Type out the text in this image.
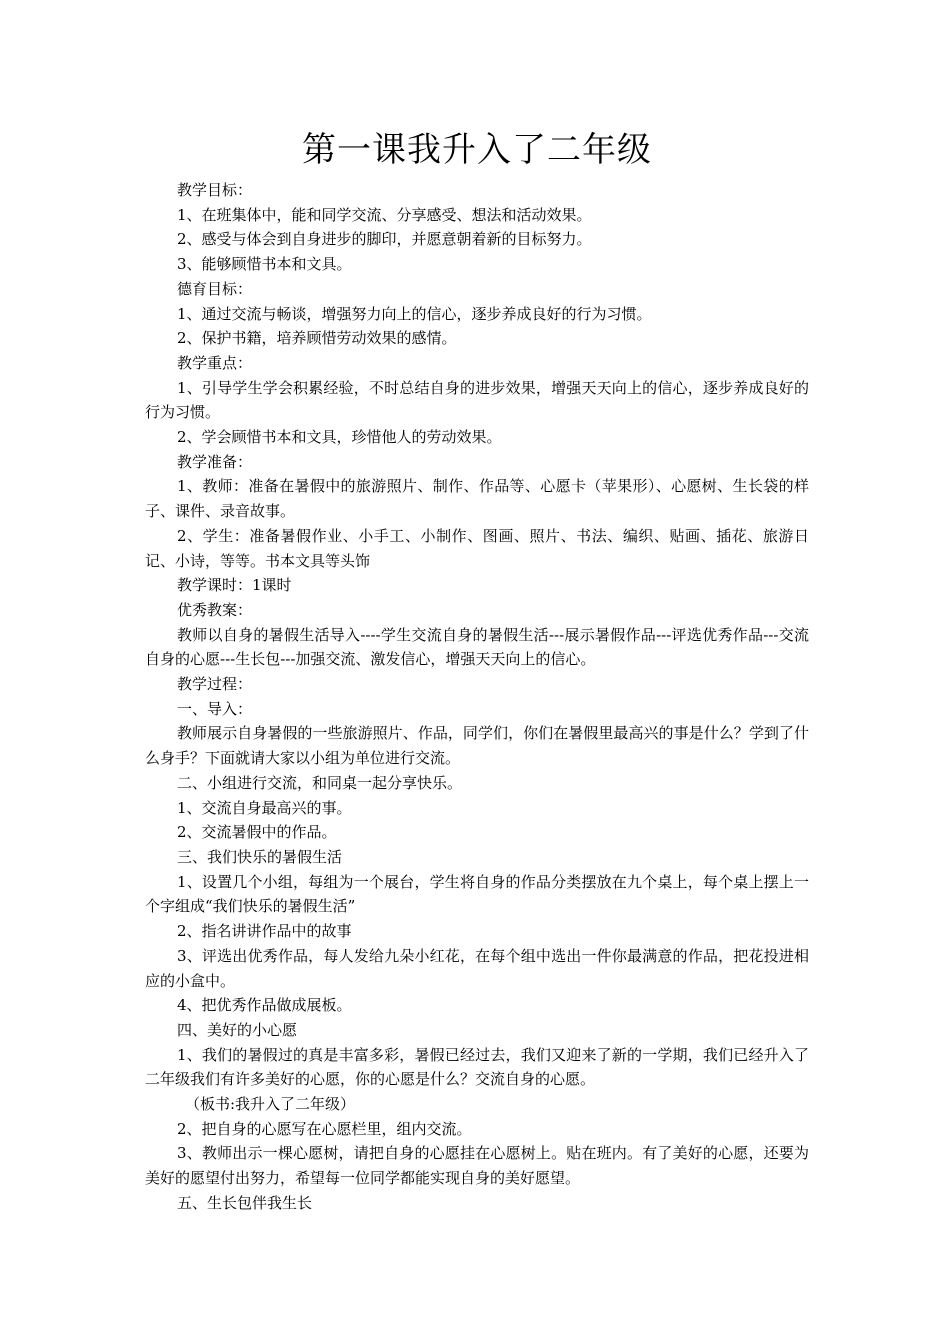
第一课我升入了二年级

教学目标：

1、在班集体中，能和同学交流、分享感受、想法和活动效果。

2、感受与体会到自身进步的脚印，并愿意朝着新的目标努力。

3、能够顾惜书本和文具。

德育目标：

1、通过交流与畅谈，增强努力向上的信心，逐步养成良好的行为习惯。

2、保护书籍，培养顾惜劳动效果的感情。

教学重点：

1、引导学生学会积累经验，不时总结自身的进步效果，增强天天向上的信心，逐步养成良好的行为习惯。

2、学会顾惜书本和文具，珍惜他人的劳动效果。

教学准备：

1、教师：准备在暑假中的旅游照片、制作、作品等、心愿卡（苹果形）、心愿树、生长袋的样子、课件、录音故事。

2、学生：准备暑假作业、小手工、小制作、图画、照片、书法、编织、贴画、插花、旅游日记、小诗，等等。书本文具等头饰

教学课时：1课时

优秀教案：

教师以自身的暑假生活导入----学生交流自身的暑假生活---展示暑假作品---评选优秀作品---交流自身的心愿---生长包---加强交流、激发信心，增强天天向上的信心。

教学过程：

一、导入：

教师展示自身暑假的一些旅游照片、作品，同学们，你们在暑假里最高兴的事是什么？学到了什么身手？下面就请大家以小组为单位进行交流。

二、小组进行交流，和同桌一起分享快乐。

1、交流自身最高兴的事。

2、交流暑假中的作品。

三、我们快乐的暑假生活

1、设置几个小组，每组为一个展台，学生将自身的作品分类摆放在九个桌上，每个桌上摆上一个字组成“我们快乐的暑假生活”

2、指名讲讲作品中的故事

3、评选出优秀作品，每人发给九朵小红花，在每个组中选出一件你最满意的作品，把花投进相应的小盒中。

4、把优秀作品做成展板。

四、美好的小心愿

1、我们的暑假过的真是丰富多彩，暑假已经过去，我们又迎来了新的一学期，我们已经升入了二年级我们有许多美好的心愿，你的心愿是什么？交流自身的心愿。

（板书:我升入了二年级）

2、把自身的心愿写在心愿栏里，组内交流。

3、教师出示一棵心愿树，请把自身的心愿挂在心愿树上。贴在班内。有了美好的心愿，还要为美好的愿望付出努力，希望每一位同学都能实现自身的美好愿望。

五、生长包伴我生长
